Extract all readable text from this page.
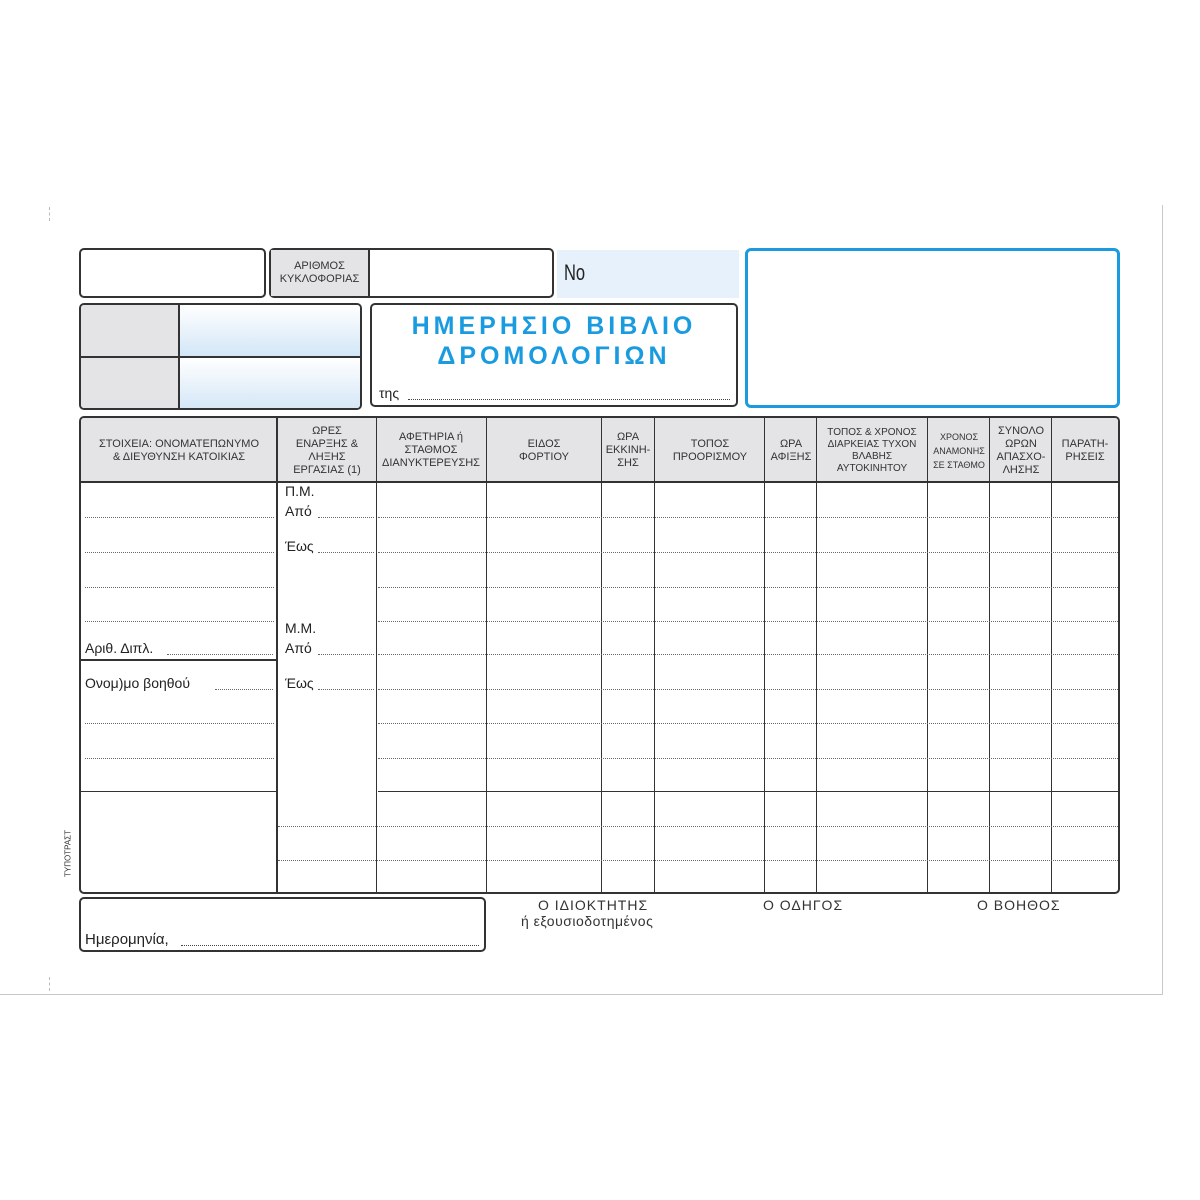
ΤΥΠΟΤΡΑΣΤ
ΑΡΙΘΜΟΣ ΚΥΚΛΟΦΟΡΙΑΣ	No
ΗΜΕΡΗΣΙΟ ΒΙΒΛΙΟ
ΔΡΟΜΟΛΟΓΙΩΝ
της
ΣΤΟΙΧΕΙΑ: ΟΝΟΜΑΤΕΠΩΝΥΜΟ & ΔΙΕΥΘΥΝΣΗ ΚΑΤΟΙΚΙΑΣ
ΩΡΕΣ ΕΝΑΡΞΗΣ & ΛΗΞΗΣ ΕΡΓΑΣΙΑΣ (1)
ΑΦΕΤΗΡΙΑ ή ΣΤΑΘΜΟΣ ΔΙΑΝΥΚΤΕΡΕΥΣΗΣ
ΕΙΔΟΣ ΦΟΡΤΙΟΥ
ΩΡΑ ΕΚΚΙΝΗ- ΣΗΣ
ΤΟΠΟΣ ΠΡΟΟΡΙΣΜΟΥ
ΩΡΑ ΑΦΙΞΗΣ
ΤΟΠΟΣ & ΧΡΟΝΟΣ ΔΙΑΡΚΕΙΑΣ ΤΥΧΟΝ ΒΛΑΒΗΣ ΑΥΤΟΚΙΝΗΤΟΥ
ΧΡΟΝΟΣ ΑΝΑΜΟΝΗΣ ΣΕ ΣΤΑΘΜΟ
ΣΥΝΟΛΟ ΩΡΩΝ ΑΠΑΣΧΟ- ΛΗΣΗΣ
ΠΑΡΑΤΗ- ΡΗΣΕΙΣ
Π.Μ.
Από
Έως
Μ.Μ.
Από
Έως
Αριθ. Διπλ.
Ονομ)μο βοηθού
Ημερομηνία,
Ο ΙΔΙΟΚΤΗΤΗΣ
ή εξουσιοδοτημένος
Ο ΟΔΗΓΟΣ	Ο ΒΟΗΘΟΣ
